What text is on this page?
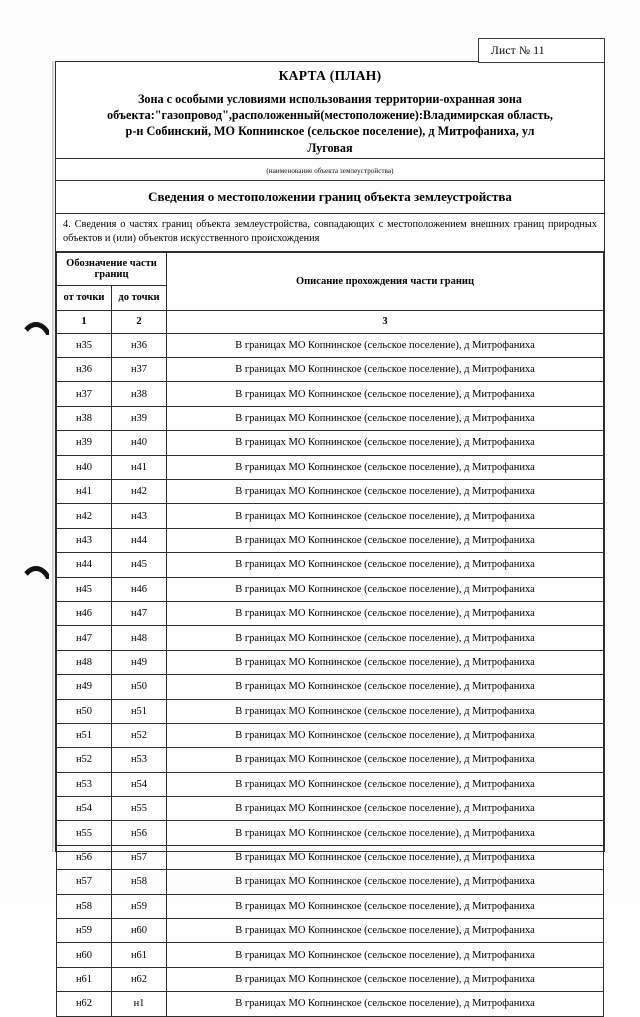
Лист № 11
КАРТА (ПЛАН)
Зона с особыми условиями использования территории-охранная зона
объекта:"газопровод",расположенный(местоположение):Владимирская область,
р-н Собинский, МО Копнинское (сельское поселение), д Митрофаниха, ул
Луговая
(наименование объекта землеустройства)
Сведения о местоположении границ объекта землеустройства
4. Сведения о частях границ объекта землеустройства, совпадающих с местоположением внешних границ природных объектов и (или) объектов искусственного происхождения
Обозначение части границ		Описание прохождения части границ
от точки	до точки	
1	2	3
н35	н36	В границах МО Копнинское (сельское поселение), д Митрофаниха
н36	н37	В границах МО Копнинское (сельское поселение), д Митрофаниха
н37	н38	В границах МО Копнинское (сельское поселение), д Митрофаниха
н38	н39	В границах МО Копнинское (сельское поселение), д Митрофаниха
н39	н40	В границах МО Копнинское (сельское поселение), д Митрофаниха
н40	н41	В границах МО Копнинское (сельское поселение), д Митрофаниха
н41	н42	В границах МО Копнинское (сельское поселение), д Митрофаниха
н42	н43	В границах МО Копнинское (сельское поселение), д Митрофаниха
н43	н44	В границах МО Копнинское (сельское поселение), д Митрофаниха
н44	н45	В границах МО Копнинское (сельское поселение), д Митрофаниха
н45	н46	В границах МО Копнинское (сельское поселение), д Митрофаниха
н46	н47	В границах МО Копнинское (сельское поселение), д Митрофаниха
н47	н48	В границах МО Копнинское (сельское поселение), д Митрофаниха
н48	н49	В границах МО Копнинское (сельское поселение), д Митрофаниха
н49	н50	В границах МО Копнинское (сельское поселение), д Митрофаниха
н50	н51	В границах МО Копнинское (сельское поселение), д Митрофаниха
н51	н52	В границах МО Копнинское (сельское поселение), д Митрофаниха
н52	н53	В границах МО Копнинское (сельское поселение), д Митрофаниха
н53	н54	В границах МО Копнинское (сельское поселение), д Митрофаниха
н54	н55	В границах МО Копнинское (сельское поселение), д Митрофаниха
н55	н56	В границах МО Копнинское (сельское поселение), д Митрофаниха
н56	н57	В границах МО Копнинское (сельское поселение), д Митрофаниха
н57	н58	В границах МО Копнинское (сельское поселение), д Митрофаниха
н58	н59	В границах МО Копнинское (сельское поселение), д Митрофаниха
н59	н60	В границах МО Копнинское (сельское поселение), д Митрофаниха
н60	н61	В границах МО Копнинское (сельское поселение), д Митрофаниха
н61	н62	В границах МО Копнинское (сельское поселение), д Митрофаниха
н62	н1	В границах МО Копнинское (сельское поселение), д Митрофаниха
